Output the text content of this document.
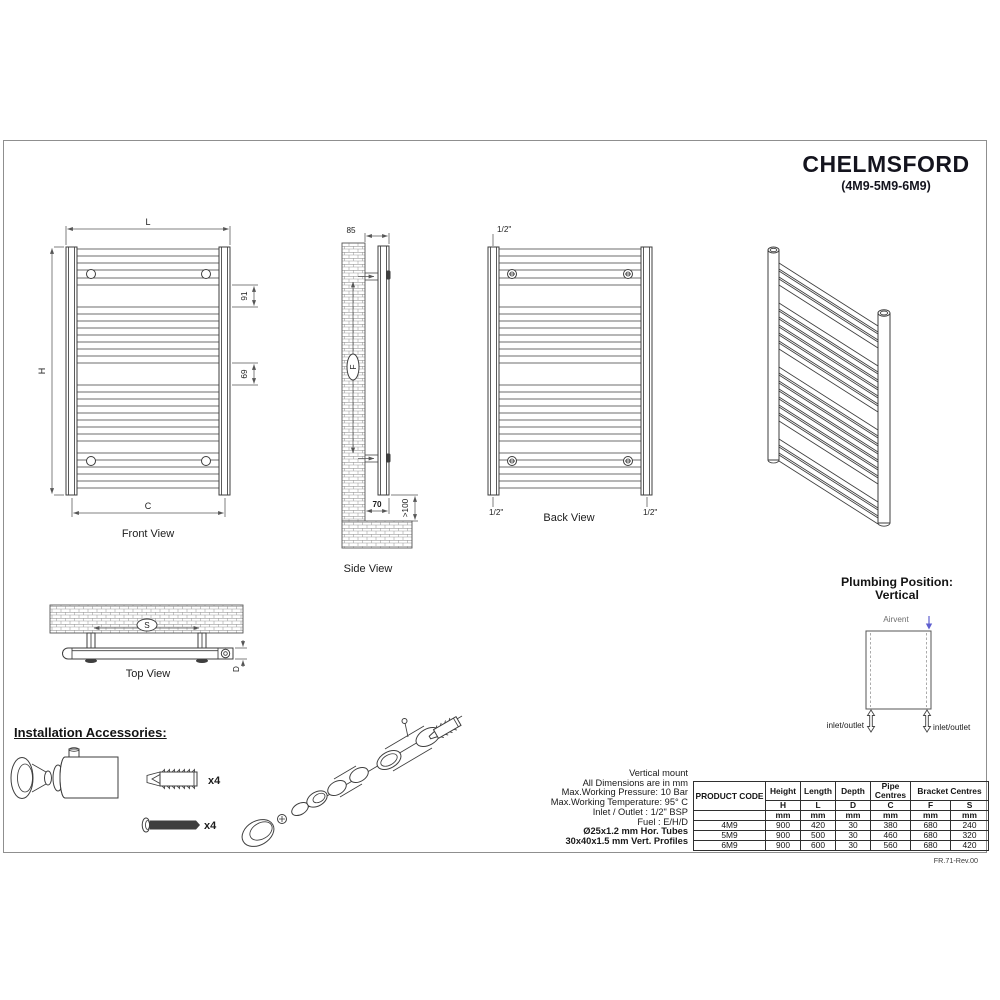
CHELMSFORD
(4M9-5M9-6M9)
L
H
C
91
69
Front View
1/2"
1/2"	1/2"
Back View
F
85
70 >100
Side View
S
D
Top View
Airvent
inlet/outlet	inlet/outlet
x4
x4
Plumbing Position:
Vertical
Installation Accessories:
Vertical mount
All Dimensions are in mm
Max.Working Pressure: 10 Bar
Max.Working Temperature: 95° C
Inlet / Outlet : 1/2" BSP
Fuel : E/H/D
Ø25x1.2 mm Hor. Tubes
30x40x1.5 mm Vert. Profiles
PRODUCT CODE	Height	Length	Depth	Pipe Centres	Bracket Centres	
	H	L	D	C	F	S
	mm	mm	mm	mm	mm	mm
4M9	900	420	30	380	680	240
5M9	900	500	30	460	680	320
6M9	900	600	30	560	680	420
FR.71-Rev.00
